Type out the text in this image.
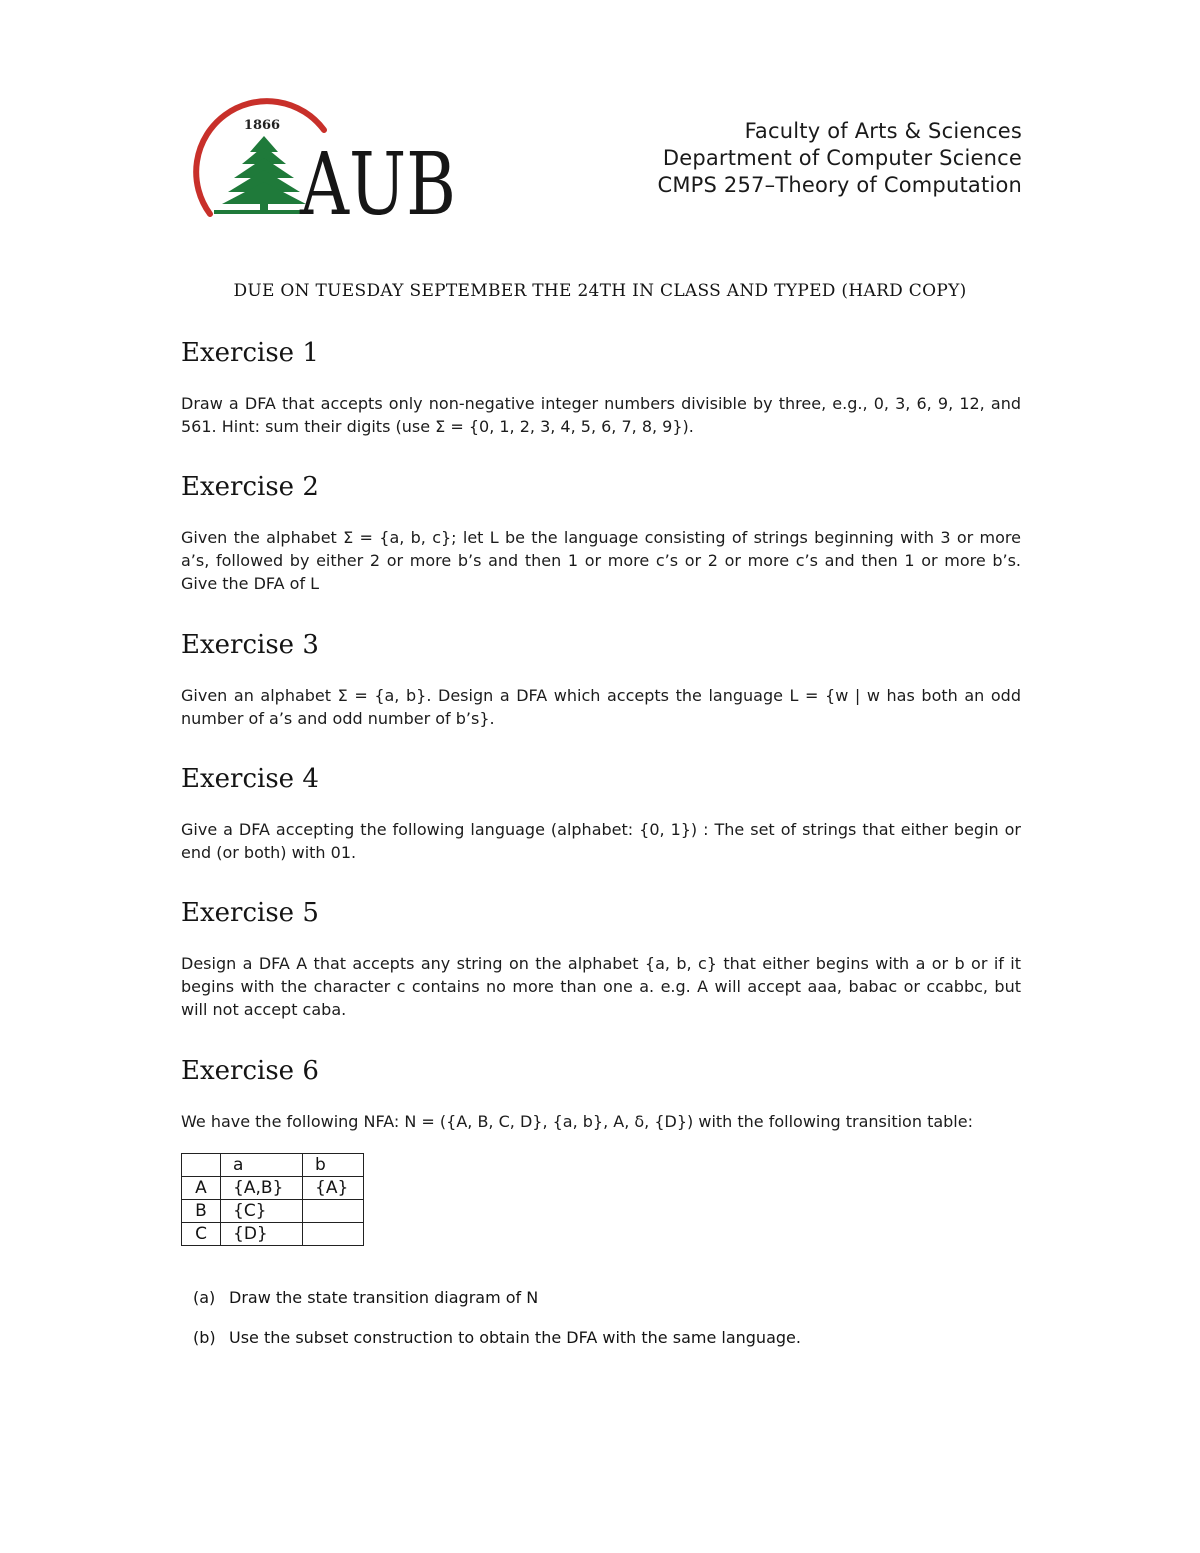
1866
AUB
Faculty of Arts & Sciences
Department of Computer Science
CMPS 257–Theory of Computation
DUE ON TUESDAY SEPTEMBER THE 24TH IN CLASS AND TYPED (HARD COPY)
Exercise 1

Draw a DFA that accepts only non-negative integer numbers divisible by three, e.g., 0, 3, 6, 9, 12, and 561. Hint: sum their digits (use Σ = {0, 1, 2, 3, 4, 5, 6, 7, 8, 9}).

Exercise 2

Given the alphabet Σ = {a, b, c}; let L be the language consisting of strings beginning with 3 or more a’s, followed by either 2 or more b’s and then 1 or more c’s or 2 or more c’s and then 1 or more b’s. Give the DFA of L

Exercise 3

Given an alphabet Σ = {a, b}. Design a DFA which accepts the language L = {w | w has both an odd number of a’s and odd number of b’s}.

Exercise 4

Give a DFA accepting the following language (alphabet: {0, 1}) : The set of strings that either begin or end (or both) with 01.

Exercise 5

Design a DFA A that accepts any string on the alphabet {a, b, c} that either begins with a or b or if it begins with the character c contains no more than one a. e.g. A will accept aaa, babac or ccabbc, but will not accept caba.

Exercise 6

We have the following NFA: N = ({A, B, C, D}, {a, b}, A, δ, {D}) with the following transition table:

	a	b
A	{A,B}	{A}
B	{C}	
C	{D}	
(a) Draw the state transition diagram of N
(b) Use the subset construction to obtain the DFA with the same language.
